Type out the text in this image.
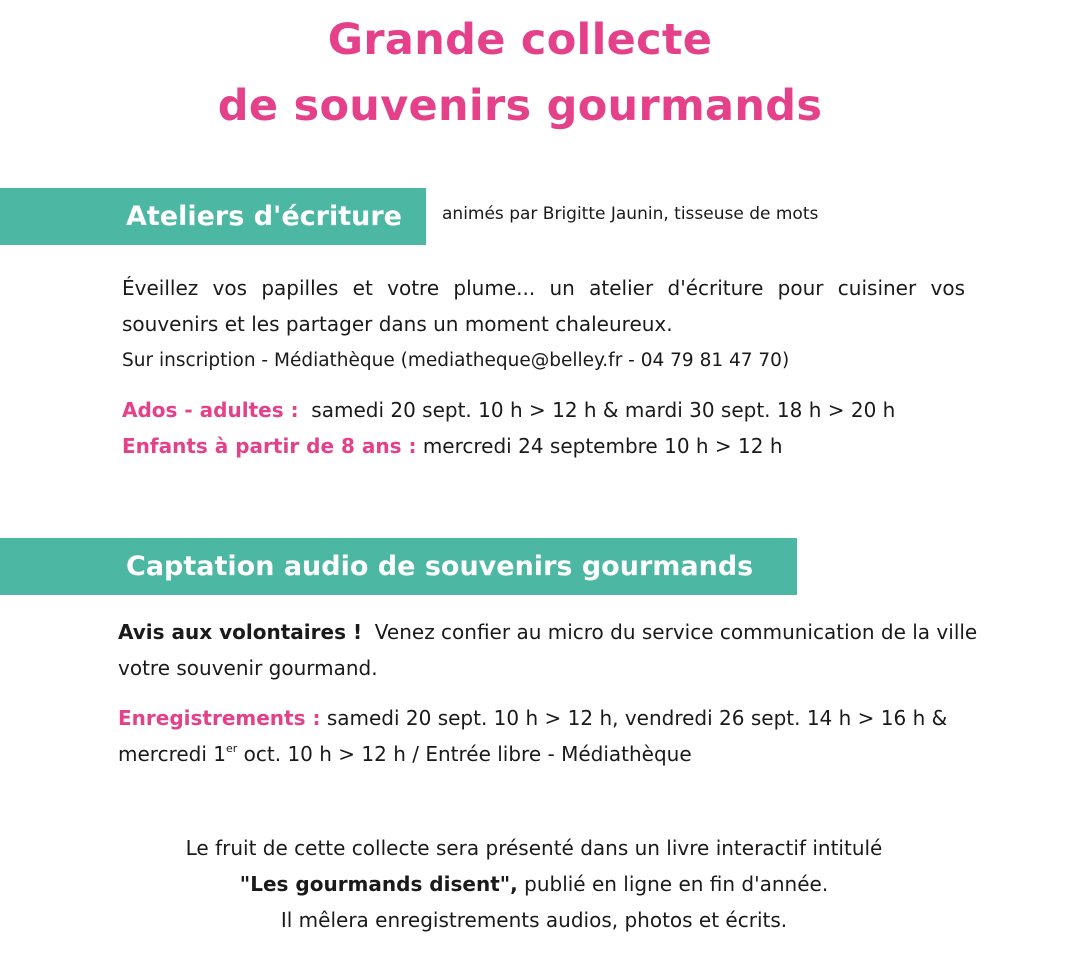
Grande collecte
de souvenirs gourmands
Ateliers d'écriture	animés par Brigitte Jaunin, tisseuse de mots
Éveillez vos papilles et votre plume... un atelier d'écriture pour cuisiner vos souvenirs et les partager dans un moment chaleureux.
Sur inscription - Médiathèque (mediatheque@belley.fr - 04 79 81 47 70)
Ados - adultes : samedi 20 sept. 10 h > 12 h & mardi 30 sept. 18 h > 20 h
Enfants à partir de 8 ans : mercredi 24 septembre 10 h > 12 h
Captation audio de souvenirs gourmands
Avis aux volontaires ! Venez confier au micro du service communication de la ville votre souvenir gourmand.
Enregistrements : samedi 20 sept. 10 h > 12 h, vendredi 26 sept. 14 h > 16 h & mercredi 1er oct. 10 h > 12 h / Entrée libre - Médiathèque
Le fruit de cette collecte sera présenté dans un livre interactif intitulé
"Les gourmands disent", publié en ligne en fin d'année.
Il mêlera enregistrements audios, photos et écrits.
